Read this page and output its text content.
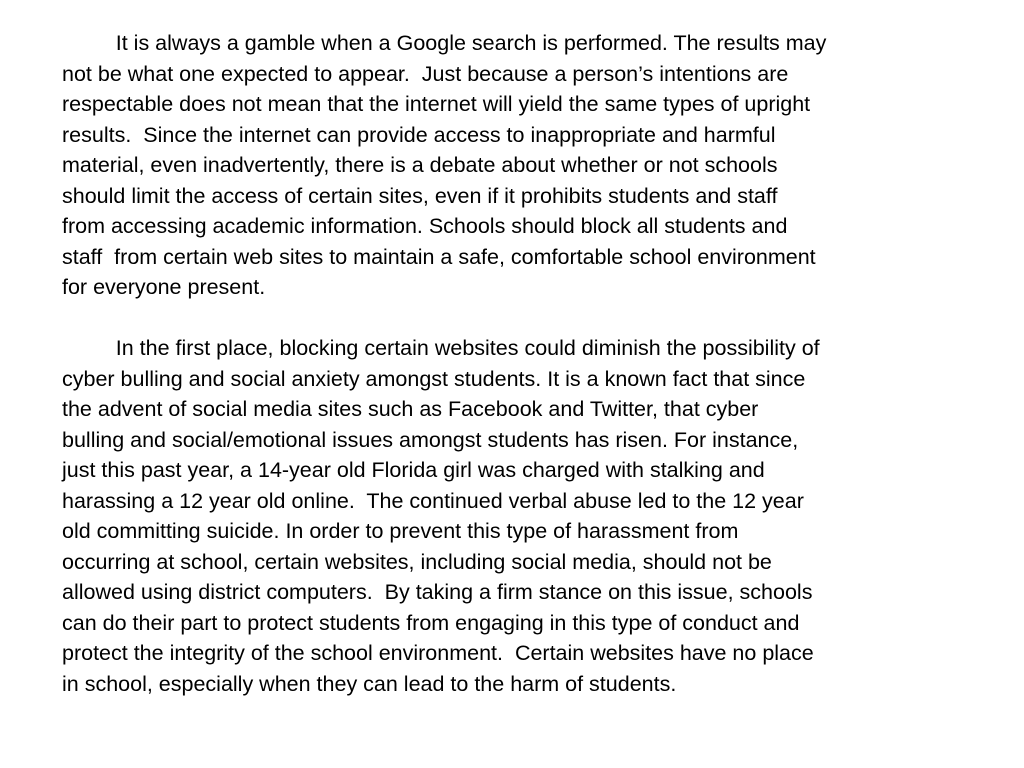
It is always a gamble when a Google search is performed. The results may
not be what one expected to appear.  Just because a person’s intentions are
respectable does not mean that the internet will yield the same types of upright
results.  Since the internet can provide access to inappropriate and harmful
material, even inadvertently, there is a debate about whether or not schools
should limit the access of certain sites, even if it prohibits students and staff
from accessing academic information. Schools should block all students and
staff  from certain web sites to maintain a safe, comfortable school environment
for everyone present.

In the first place, blocking certain websites could diminish the possibility of
cyber bulling and social anxiety amongst students. It is a known fact that since
the advent of social media sites such as Facebook and Twitter, that cyber
bulling and social/emotional issues amongst students has risen. For instance,
just this past year, a 14-year old Florida girl was charged with stalking and
harassing a 12 year old online.  The continued verbal abuse led to the 12 year
old committing suicide. In order to prevent this type of harassment from
occurring at school, certain websites, including social media, should not be
allowed using district computers.  By taking a firm stance on this issue, schools
can do their part to protect students from engaging in this type of conduct and
protect the integrity of the school environment.  Certain websites have no place
in school, especially when they can lead to the harm of students.
